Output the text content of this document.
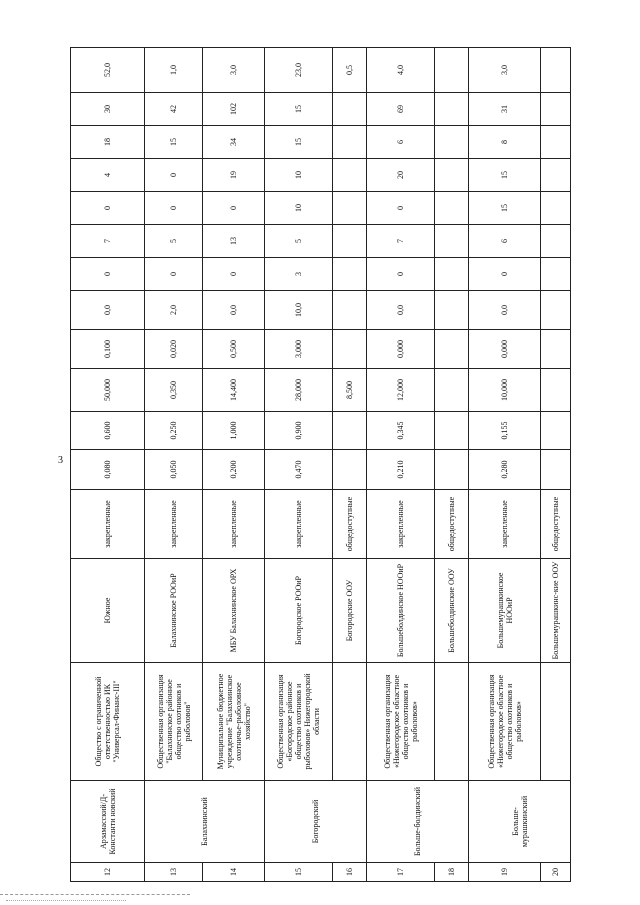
3
12	Арзамасский/Д-Константи новский	Общество с ограниченной ответственностью ИК "Универсал-Финанс-III"	Южное	закрепленные	0,080	0,600	50,000	0,100	0,0	0	7	0	4	18	30	52,0
13	Балахнинский	Общественная организация "Балахнинское районное общество охотников и рыболовов"	Балахнинское РООиР	закрепленные	0,050	0,250	0,350	0,020	2,0	0	5	0	0	15	42	1,0
14		Муниципальное бюджетное учреждение "Балахнинское охотничье-рыболовное хозяйство"	МБУ Балахнинское ОРХ	закрепленные	0,200	1,000	14,400	0,500	0,0	0	13	0	19	34	102	3,0
15	Богородский	Общественная организация «Богородское районное общество охотников и рыболовов» Нижегородской области	Богородское РООиР	закрепленные	0,470	0,900	28,000	3,000	10,0	3	5	10	10	15	15	23,0
16			Богородские ООУ	общедоступные			8,500									0,5
17	Больше-болдинский	Общественная организация «Нижегородское областное общество охотников и рыболовов»	Большеболдинское НООиР	закрепленные	0,210	0,345	12,000	0,000	0,0	0	7	0	20	6	69	4,0
18			Большеболдинские ООУ	общедоступные												
19	Больше-мурашкинский	Общественная организация «Нижегородское областное общество охотников и рыболовов»	Большемурашкинское НООиР	закрепленные	0,280	0,155	10,000	0,000	0,0	0	6	15	15	8	31	3,0
20			Большемурашкинс-кие ООУ	общедоступные												
